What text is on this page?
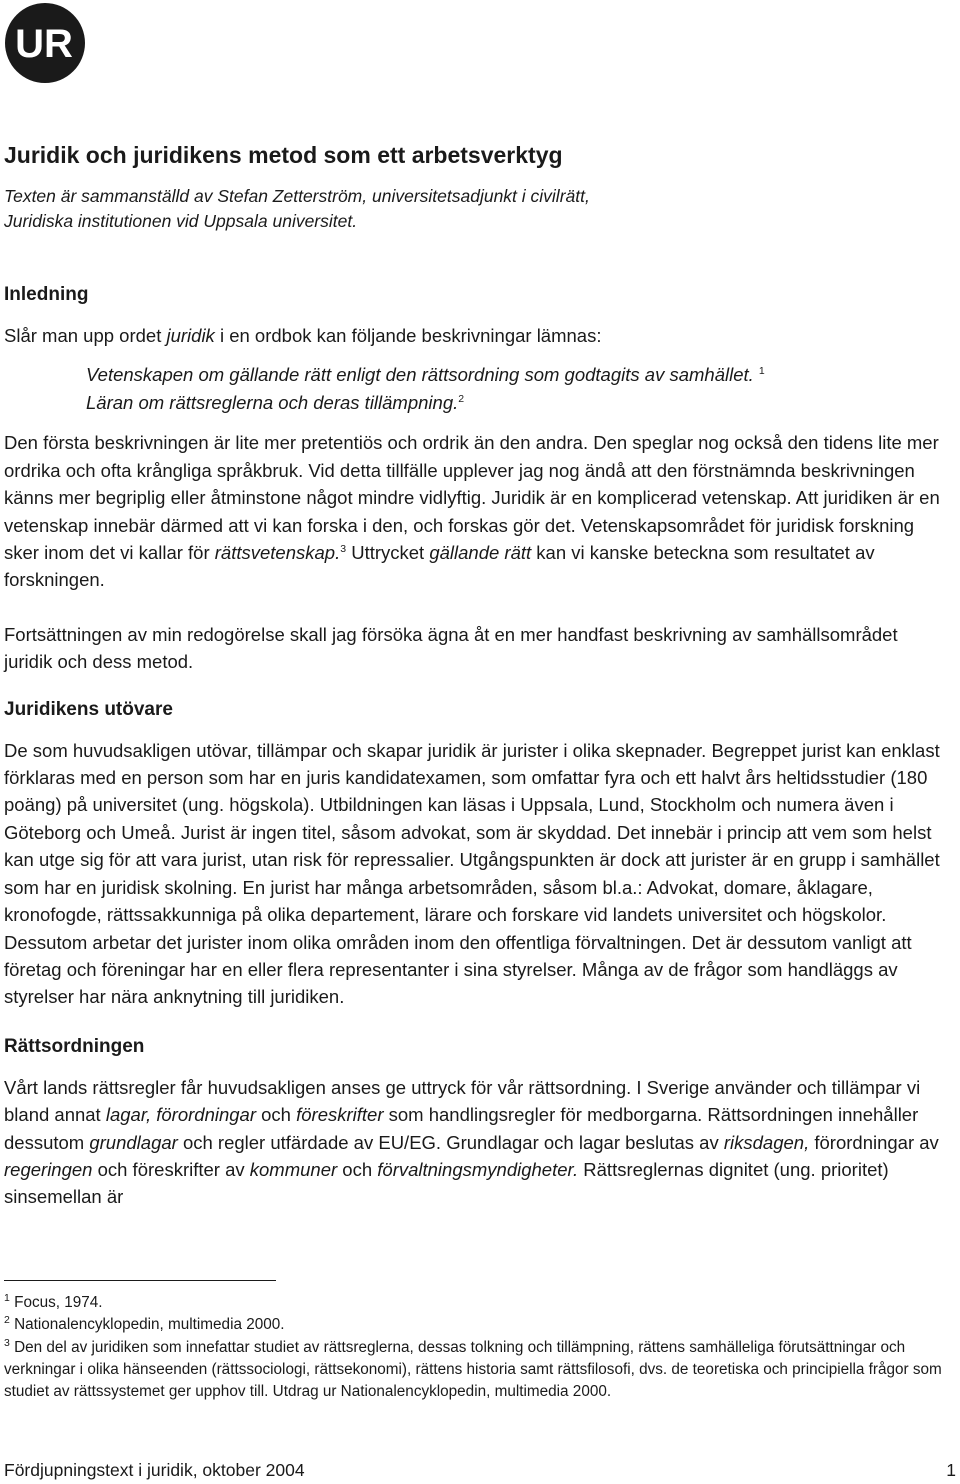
UR
Juridik och juridikens metod som ett arbetsverktyg
Texten är sammanställd av Stefan Zetterström, universitetsadjunkt i civilrätt,
Juridiska institutionen vid Uppsala universitet.
Inledning

Slår man upp ordet juridik i en ordbok kan följande beskrivningar lämnas:

Vetenskapen om gällande rätt enligt den rättsordning som godtagits av samhället. $^1$
Läran om rättsreglerna och deras tillämpning.$^2$

Den första beskrivningen är lite mer pretentiös och ordrik än den andra. Den speglar nog också den tidens lite mer ordrika och ofta krångliga språkbruk. Vid detta tillfälle upplever jag nog ändå att den förstnämnda beskrivningen känns mer begriplig eller åtminstone något mindre vidlyftig. Juridik är en komplicerad vetenskap. Att juridiken är en vetenskap innebär därmed att vi kan forska i den, och forskas gör det. Vetenskapsområdet för juridisk forskning sker inom det vi kallar för rättsvetenskap.$^3$ Uttrycket gällande rätt kan vi kanske beteckna som resultatet av forskningen.

Fortsättningen av min redogörelse skall jag försöka ägna åt en mer handfast beskrivning av samhällsområdet juridik och dess metod.

Juridikens utövare

De som huvudsakligen utövar, tillämpar och skapar juridik är jurister i olika skepnader. Begreppet jurist kan enklast förklaras med en person som har en juris kandidatexamen, som omfattar fyra och ett halvt års heltidsstudier (180 poäng) på universitet (ung. högskola). Utbildningen kan läsas i Uppsala, Lund, Stockholm och numera även i Göteborg och Umeå. Jurist är ingen titel, såsom advokat, som är skyddad. Det innebär i princip att vem som helst kan utge sig för att vara jurist, utan risk för repressalier. Utgångspunkten är dock att jurister är en grupp i samhället som har en juridisk skolning. En jurist har många arbetsområden, såsom bl.a.: Advokat, domare, åklagare, kronofogde, rättssakkunniga på olika departement, lärare och forskare vid landets universitet och högskolor. Dessutom arbetar det jurister inom olika områden inom den offentliga förvaltningen. Det är dessutom vanligt att företag och föreningar har en eller flera representanter i sina styrelser. Många av de frågor som handläggs av styrelser har nära anknytning till juridiken.

Rättsordningen

Vårt lands rättsregler får huvudsakligen anses ge uttryck för vår rättsordning. I Sverige använder och tillämpar vi bland annat lagar, förordningar och föreskrifter som handlingsregler för medborgarna. Rättsordningen innehåller dessutom grundlagar och regler utfärdade av EU/EG. Grundlagar och lagar beslutas av riksdagen, förordningar av regeringen och föreskrifter av kommuner och förvaltningsmyndigheter. Rättsreglernas dignitet (ung. prioritet) sinsemellan är

$^1$ Focus, 1974.
$^2$ Nationalencyklopedin, multimedia 2000.
$^3$ Den del av juridiken som innefattar studiet av rättsreglerna, dessas tolkning och tillämpning, rättens samhälleliga förutsättningar och verkningar i olika hänseenden (rättssociologi, rättsekonomi), rättens historia samt rättsfilosofi, dvs. de teoretiska och principiella frågor som studiet av rättssystemet ger upphov till. Utdrag ur Nationalencyklopedin, multimedia 2000.
Fördjupningstext i juridik, oktober 2004	1
